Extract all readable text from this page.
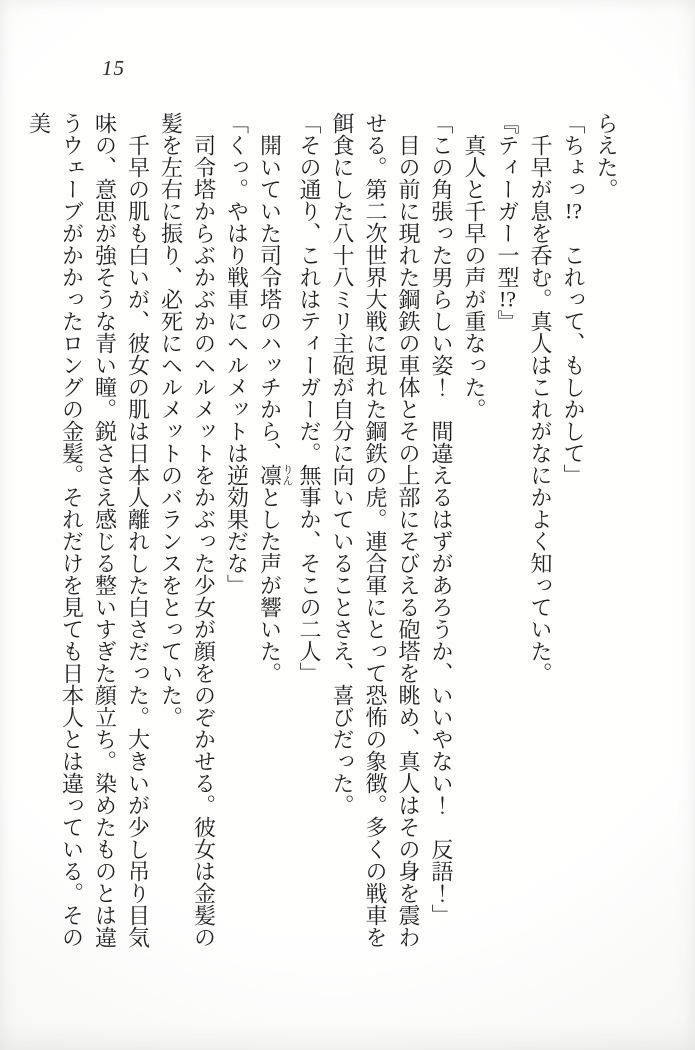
15

らえた。

「ちょっ!?　これって、もしかして」

千早が息を呑む。真人はこれがなにかよく知っていた。

『ティーガー一型!?』

真人と千早の声が重なった。

「この角張った男らしい姿！　間違えるはずがあろうか、いいやない！　反語！」

目の前に現れた鋼鉄の車体とその上部にそびえる砲塔を眺め、真人はその身を震わせる。第二次世界大戦に現れた鋼鉄の虎。連合軍にとって恐怖の象徴。多くの戦車を餌食にした八十八ミリ主砲が自分に向いていることさえ、喜びだった。

「その通り、これはティーガーだ。無事か、そこの二人」

開いていた司令塔のハッチから、凛りんとした声が響いた。

「くっ。やはり戦車にヘルメットは逆効果だな」

司令塔からぶかぶかのヘルメットをかぶった少女が顔をのぞかせる。彼女は金髪の髪を左右に振り、必死にヘルメットのバランスをとっていた。

千早の肌も白いが、彼女の肌は日本人離れした白さだった。大きいが少し吊り目気味の、意思が強そうな青い瞳。鋭ささえ感じる整いすぎた顔立ち。染めたものとは違うウェーブがかかったロングの金髪。それだけを見ても日本人とは違っている。その美
